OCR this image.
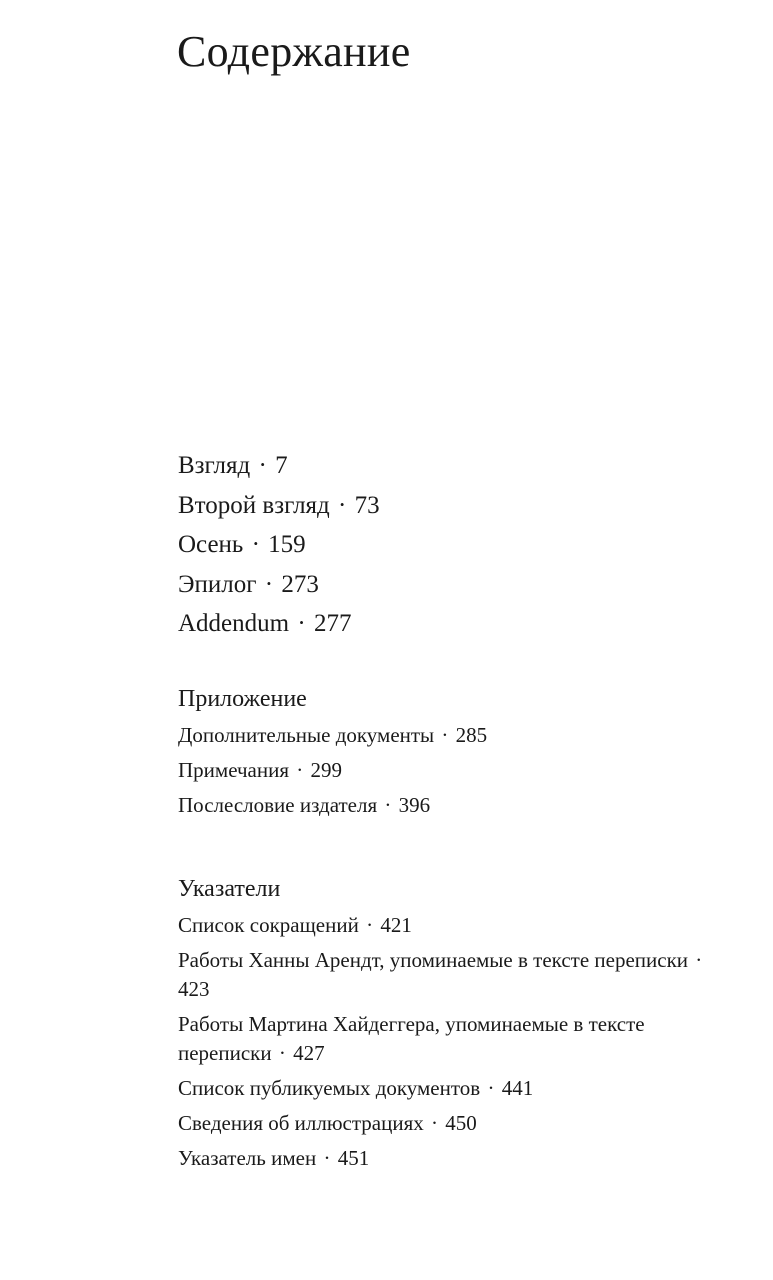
Содержание
Взгляд · 7
Второй взгляд · 73
Осень · 159
Эпилог · 273
Addendum · 277
Приложение
Дополнительные документы · 285
Примечания · 299
Послесловие издателя · 396
Указатели
Список сокращений · 421
Работы Ханны Арендт, упоминаемые в тексте переписки · 423
Работы Мартина Хайдеггера, упоминаемые в тексте переписки · 427
Список публикуемых документов · 441
Сведения об иллюстрациях · 450
Указатель имен · 451
